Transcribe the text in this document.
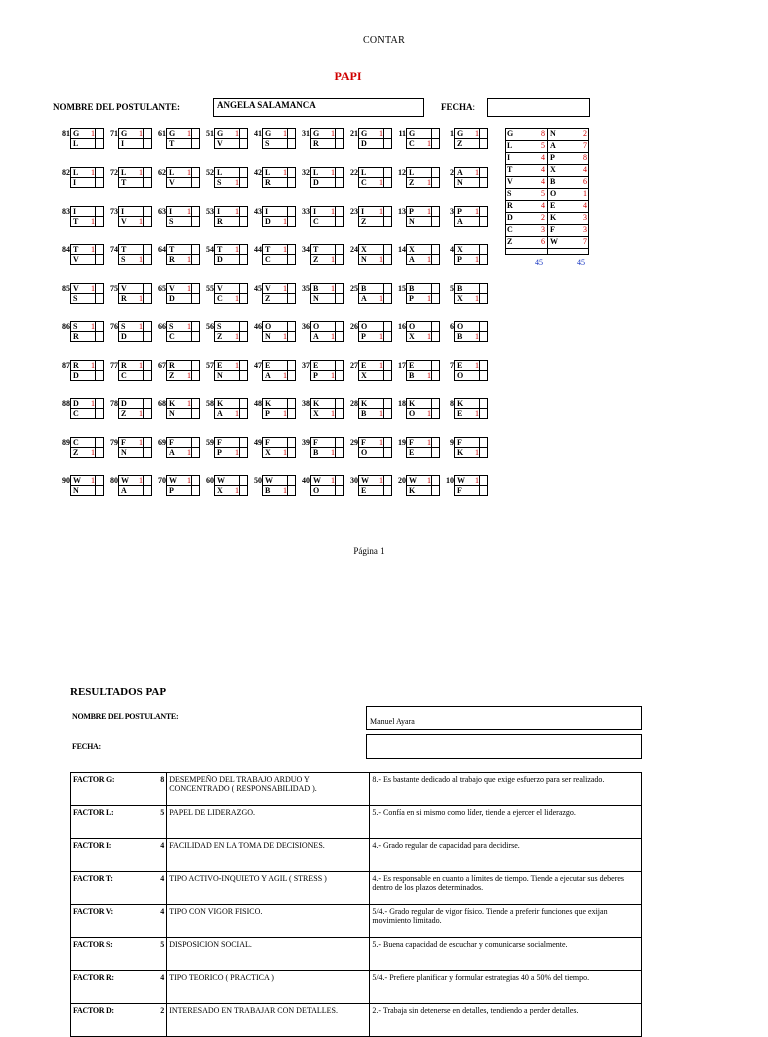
CONTAR
PAPI
NOMBRE DEL POSTULANTE:	ANGELA SALAMANCA	FECHA:
81 G 1
L
71 G 1
I
61 G 1
T
51 G 1
V
41 G 1
S
31 G 1
R
21 G 1
D
11 G
C 1
1 G 1
Z
82 L 1
I
72 L 1
T
62 L 1
V
52 L
S 1
42 L 1
R
32 L 1
D
22 L
C 1
12 L
Z 1
2 A 1
N
83 I
T 1
73 I
V 1
63 I 1
S
53 I 1
R
43 I
D 1
33 I 1
C
23 I 1
Z
13 P 1
N
3 P 1
A
84 T 1
V
74 T
S 1
64 T
R 1
54 T 1
D
44 T 1
C
34 T
Z 1
24 X
N 1
14 X
A 1
4 X
P 1
85 V 1
S
75 V
R 1
65 V 1
D
55 V
C 1
45 V 1
Z
35 B 1
N
25 B
A 1
15 B
P 1
5 B
X 1
86 S 1
R
76 S 1
D
66 S 1
C
56 S
Z 1
46 O
N 1
36 O
A 1
26 O
P 1
16 O
X 1
6 O
B 1
87 R 1
D
77 R 1
C
67 R
Z 1
57 E 1
N
47 E
A 1
37 E
P 1
27 E 1
X
17 E
B 1
7 E 1
O
88 D 1
C
78 D
Z 1
68 K 1
N
58 K
A 1
48 K
P 1
38 K
X 1
28 K
B 1
18 K
O 1
8 K
E 1
89 C
Z 1
79 F 1
N
69 F
A 1
59 F
P 1
49 F
X 1
39 F
B 1
29 F 1
O
19 F 1
E
9 F
K 1
90 W 1
N
80 W 1
A
70 W 1
P
60 W
X 1
50 W
B 1
40 W 1
O
30 W 1
E
20 W 1
K
10 W 1
F
G	8 N	2
L	5 A	7
I	4 P	8
T	4 X	4
V	4 B	6
S	5 O	1
R	4 E	4
D	2 K	3
C	3 F	3
Z	6 W	7
45	45
Página 1
RESULTADOS PAP
NOMBRE DEL POSTULANTE:
Manuel Ayara
FECHA:
FACTOR G:	8	DESEMPEÑO DEL TRABAJO ARDUO Y CONCENTRADO ( RESPONSABILIDAD ).	8.- Es bastante dedicado al trabajo que exige esfuerzo para ser realizado.
FACTOR L:	5	PAPEL DE LIDERAZGO.	5.- Confía en si mismo como líder, tiende a ejercer el liderazgo.
FACTOR I:	4	FACILIDAD EN LA TOMA DE DECISIONES.	4.- Grado regular de capacidad para decidirse.
FACTOR T:	4	TIPO ACTIVO-INQUIETO Y AGIL ( STRESS )	4.- Es responsable en cuanto a límites de tiempo. Tiende a ejecutar sus deberes dentro de los plazos determinados.
FACTOR V:	4	TIPO CON VIGOR FISICO.	5/4.- Grado regular de vigor físico. Tiende a preferir funciones que exijan movimiento limitado.
FACTOR S:	5	DISPOSICION SOCIAL.	5.- Buena capacidad de escuchar y comunicarse socialmente.
FACTOR R:	4	TIPO TEORICO ( PRACTICA )	5/4.- Prefiere planificar y formular estrategias 40 a 50% del tiempo.
FACTOR D:	2	INTERESADO EN TRABAJAR CON DETALLES.	2.- Trabaja sin detenerse en detalles, tendiendo a perder detalles.
